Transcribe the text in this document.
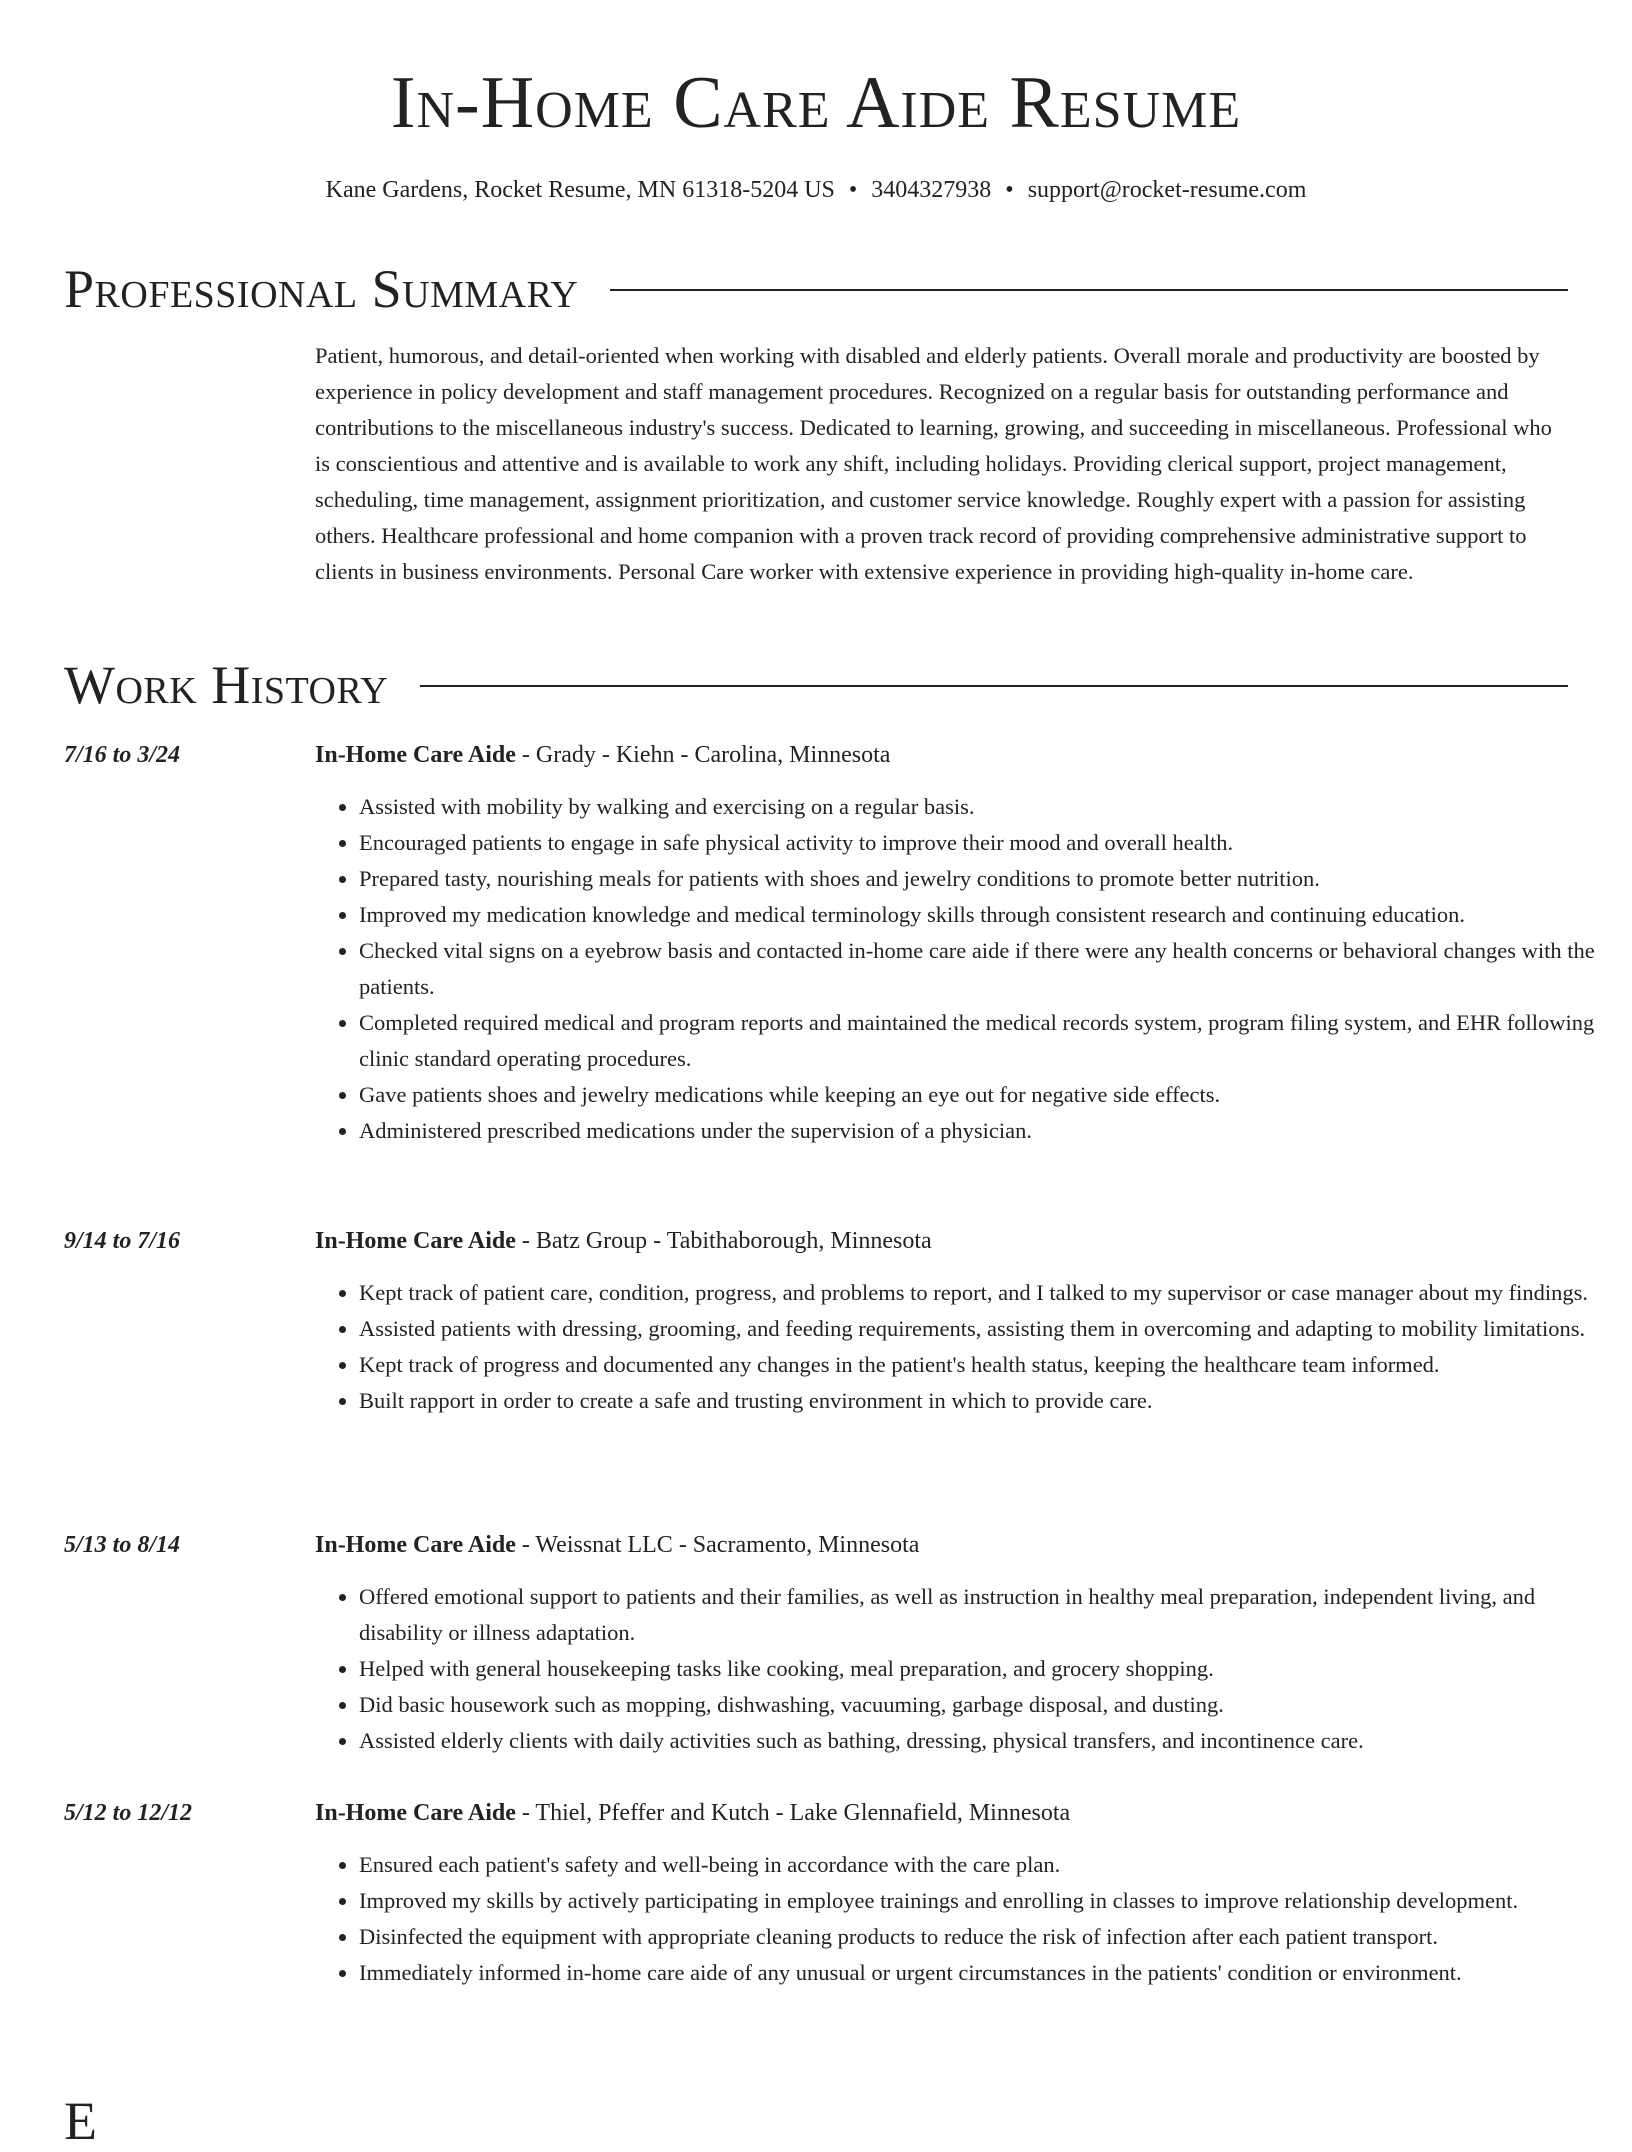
In-Home Care Aide Resume
Kane Gardens, Rocket Resume, MN 61318-5204 US • 3404327938 • support@rocket-resume.com
Professional Summary

Patient, humorous, and detail-oriented when working with disabled and elderly patients. Overall morale and productivity are boosted by experience in policy development and staff management procedures. Recognized on a regular basis for outstanding performance and contributions to the miscellaneous industry's success. Dedicated to learning, growing, and succeeding in miscellaneous. Professional who is conscientious and attentive and is available to work any shift, including holidays. Providing clerical support, project management, scheduling, time management, assignment prioritization, and customer service knowledge. Roughly expert with a passion for assisting others. Healthcare professional and home companion with a proven track record of providing comprehensive administrative support to clients in business environments. Personal Care worker with extensive experience in providing high-quality in-home care.

Work History
7/16 to 3/24	In-Home Care Aide - Grady - Kiehn - Carolina, Minnesota
• Assisted with mobility by walking and exercising on a regular basis.
• Encouraged patients to engage in safe physical activity to improve their mood and overall health.
• Prepared tasty, nourishing meals for patients with shoes and jewelry conditions to promote better nutrition.
• Improved my medication knowledge and medical terminology skills through consistent research and continuing education.
• Checked vital signs on a eyebrow basis and contacted in-home care aide if there were any health concerns or behavioral changes with the patients.
• Completed required medical and program reports and maintained the medical records system, program filing system, and EHR following clinic standard operating procedures.
• Gave patients shoes and jewelry medications while keeping an eye out for negative side effects.
• Administered prescribed medications under the supervision of a physician.
9/14 to 7/16	In-Home Care Aide - Batz Group - Tabithaborough, Minnesota
• Kept track of patient care, condition, progress, and problems to report, and I talked to my supervisor or case manager about my findings.
• Assisted patients with dressing, grooming, and feeding requirements, assisting them in overcoming and adapting to mobility limitations.
• Kept track of progress and documented any changes in the patient's health status, keeping the healthcare team informed.
• Built rapport in order to create a safe and trusting environment in which to provide care.
5/13 to 8/14	In-Home Care Aide - Weissnat LLC - Sacramento, Minnesota
• Offered emotional support to patients and their families, as well as instruction in healthy meal preparation, independent living, and disability or illness adaptation.
• Helped with general housekeeping tasks like cooking, meal preparation, and grocery shopping.
• Did basic housework such as mopping, dishwashing, vacuuming, garbage disposal, and dusting.
• Assisted elderly clients with daily activities such as bathing, dressing, physical transfers, and incontinence care.
5/12 to 12/12	In-Home Care Aide - Thiel, Pfeffer and Kutch - Lake Glennafield, Minnesota
• Ensured each patient's safety and well-being in accordance with the care plan.
• Improved my skills by actively participating in employee trainings and enrolling in classes to improve relationship development.
• Disinfected the equipment with appropriate cleaning products to reduce the risk of infection after each patient transport.
• Immediately informed in-home care aide of any unusual or urgent circumstances in the patients' condition or environment.
E
